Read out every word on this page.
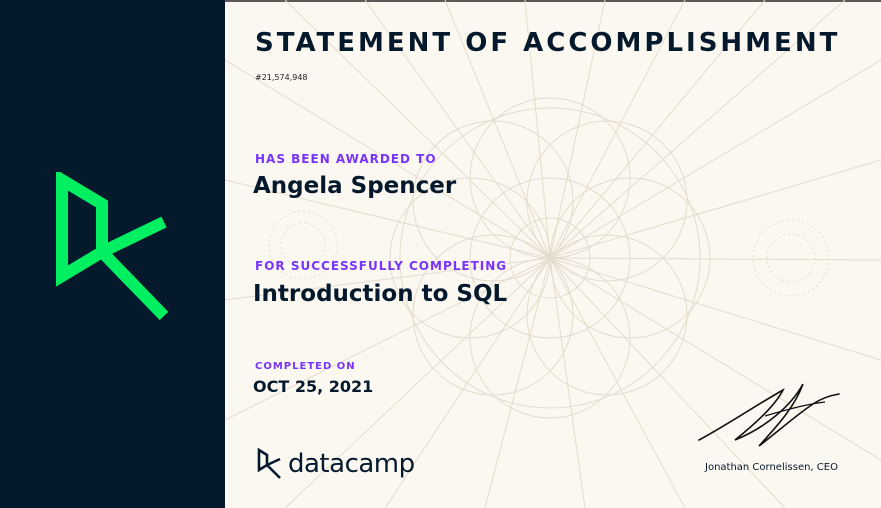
STATEMENT OF ACCOMPLISHMENT
#21,574,948

HAS BEEN AWARDED TO

Angela Spencer

FOR SUCCESSFULLY COMPLETING

Introduction to SQL

COMPLETED ON

OCT 25, 2021
datacamp	Jonathan Cornelissen, CEO
